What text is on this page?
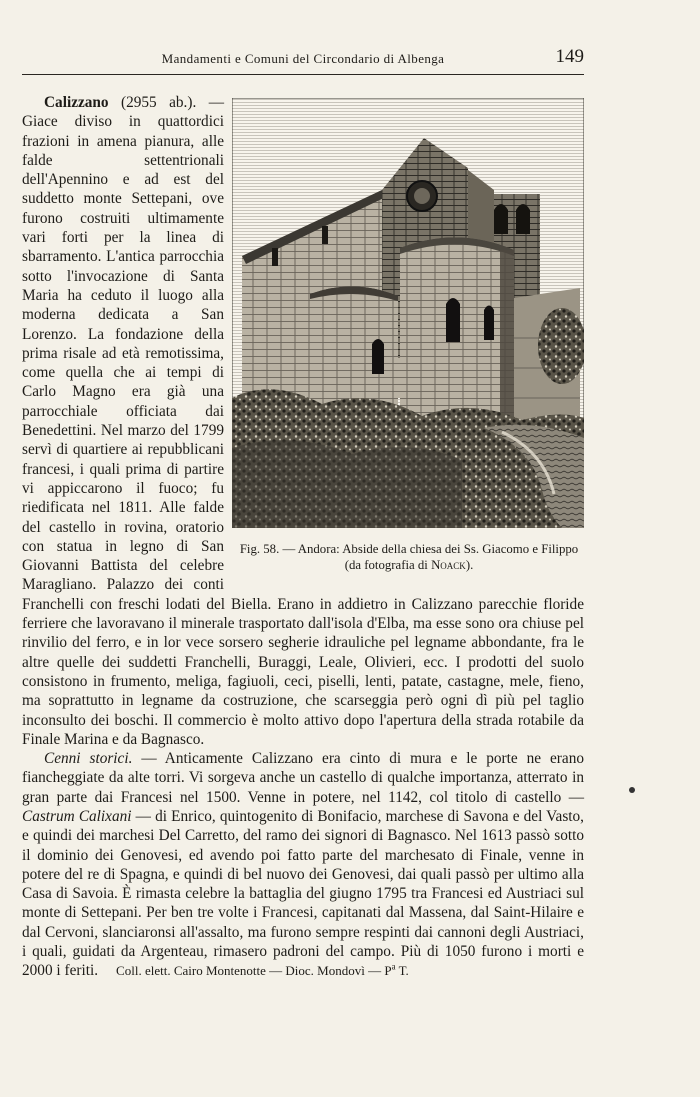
Mandamenti e Comuni del Circondario di Albenga	149
Fig. 58. — Andora: Abside della chiesa dei Ss. Giacomo e Filippo (da fotografia di Noack).

Calizzano (2955 ab.). — Giace diviso in quattordici frazioni in amena pianura, alle falde settentrionali dell'Apennino e ad est del suddetto monte Settepani, ove furono costruiti ultimamente vari forti per la linea di sbarramento. L'antica parrocchia sotto l'invocazione di Santa Maria ha ceduto il luogo alla moderna dedicata a San Lorenzo. La fondazione della prima risale ad età remotissima, come quella che ai tempi di Carlo Magno era già una parrocchiale officiata dai Benedettini. Nel marzo del 1799 servì di quartiere ai repubblicani francesi, i quali prima di partire vi appiccarono il fuoco; fu riedificata nel 1811. Alle falde del castello in rovina, oratorio con statua in legno di San Giovanni Battista del celebre Maragliano. Palazzo dei conti Franchelli con freschi lodati del Biella. Erano in addietro in Calizzano parecchie floride ferriere che lavoravano il minerale trasportato dall'isola d'Elba, ma esse sono ora chiuse pel rinvilio del ferro, e in lor vece sorsero segherie idrauliche pel legname abbondante, fra le altre quelle dei suddetti Franchelli, Buraggi, Leale, Olivieri, ecc. I prodotti del suolo consistono in frumento, meliga, fagiuoli, ceci, piselli, lenti, patate, castagne, mele, fieno, ma soprattutto in legname da costruzione, che scarseggia però ogni dì più pel taglio inconsulto dei boschi. Il commercio è molto attivo dopo l'apertura della strada rotabile da Finale Marina e da Bagnasco.

Cenni storici. — Anticamente Calizzano era cinto di mura e le porte ne erano fiancheggiate da alte torri. Vi sorgeva anche un castello di qualche importanza, atterrato in gran parte dai Francesi nel 1500. Venne in potere, nel 1142, col titolo di castello — Castrum Calixani — di Enrico, quintogenito di Bonifacio, marchese di Savona e del Vasto, e quindi dei marchesi Del Carretto, del ramo dei signori di Bagnasco. Nel 1613 passò sotto il dominio dei Genovesi, ed avendo poi fatto parte del marchesato di Finale, venne in potere del re di Spagna, e quindi di bel nuovo dei Genovesi, dai quali passò per ultimo alla Casa di Savoia. È rimasta celebre la battaglia del giugno 1795 tra Francesi ed Austriaci sul monte di Settepani. Per ben tre volte i Francesi, capitanati dal Massena, dal Saint-Hilaire e dal Cervoni, slanciaronsi all'assalto, ma furono sempre respinti dai cannoni degli Austriaci, i quali, guidati da Argenteau, rimasero padroni del campo. Più di 1050 furono i morti e 2000 i feriti. Coll. elett. Cairo Montenotte — Dioc. Mondovì — $P^a$ T.
